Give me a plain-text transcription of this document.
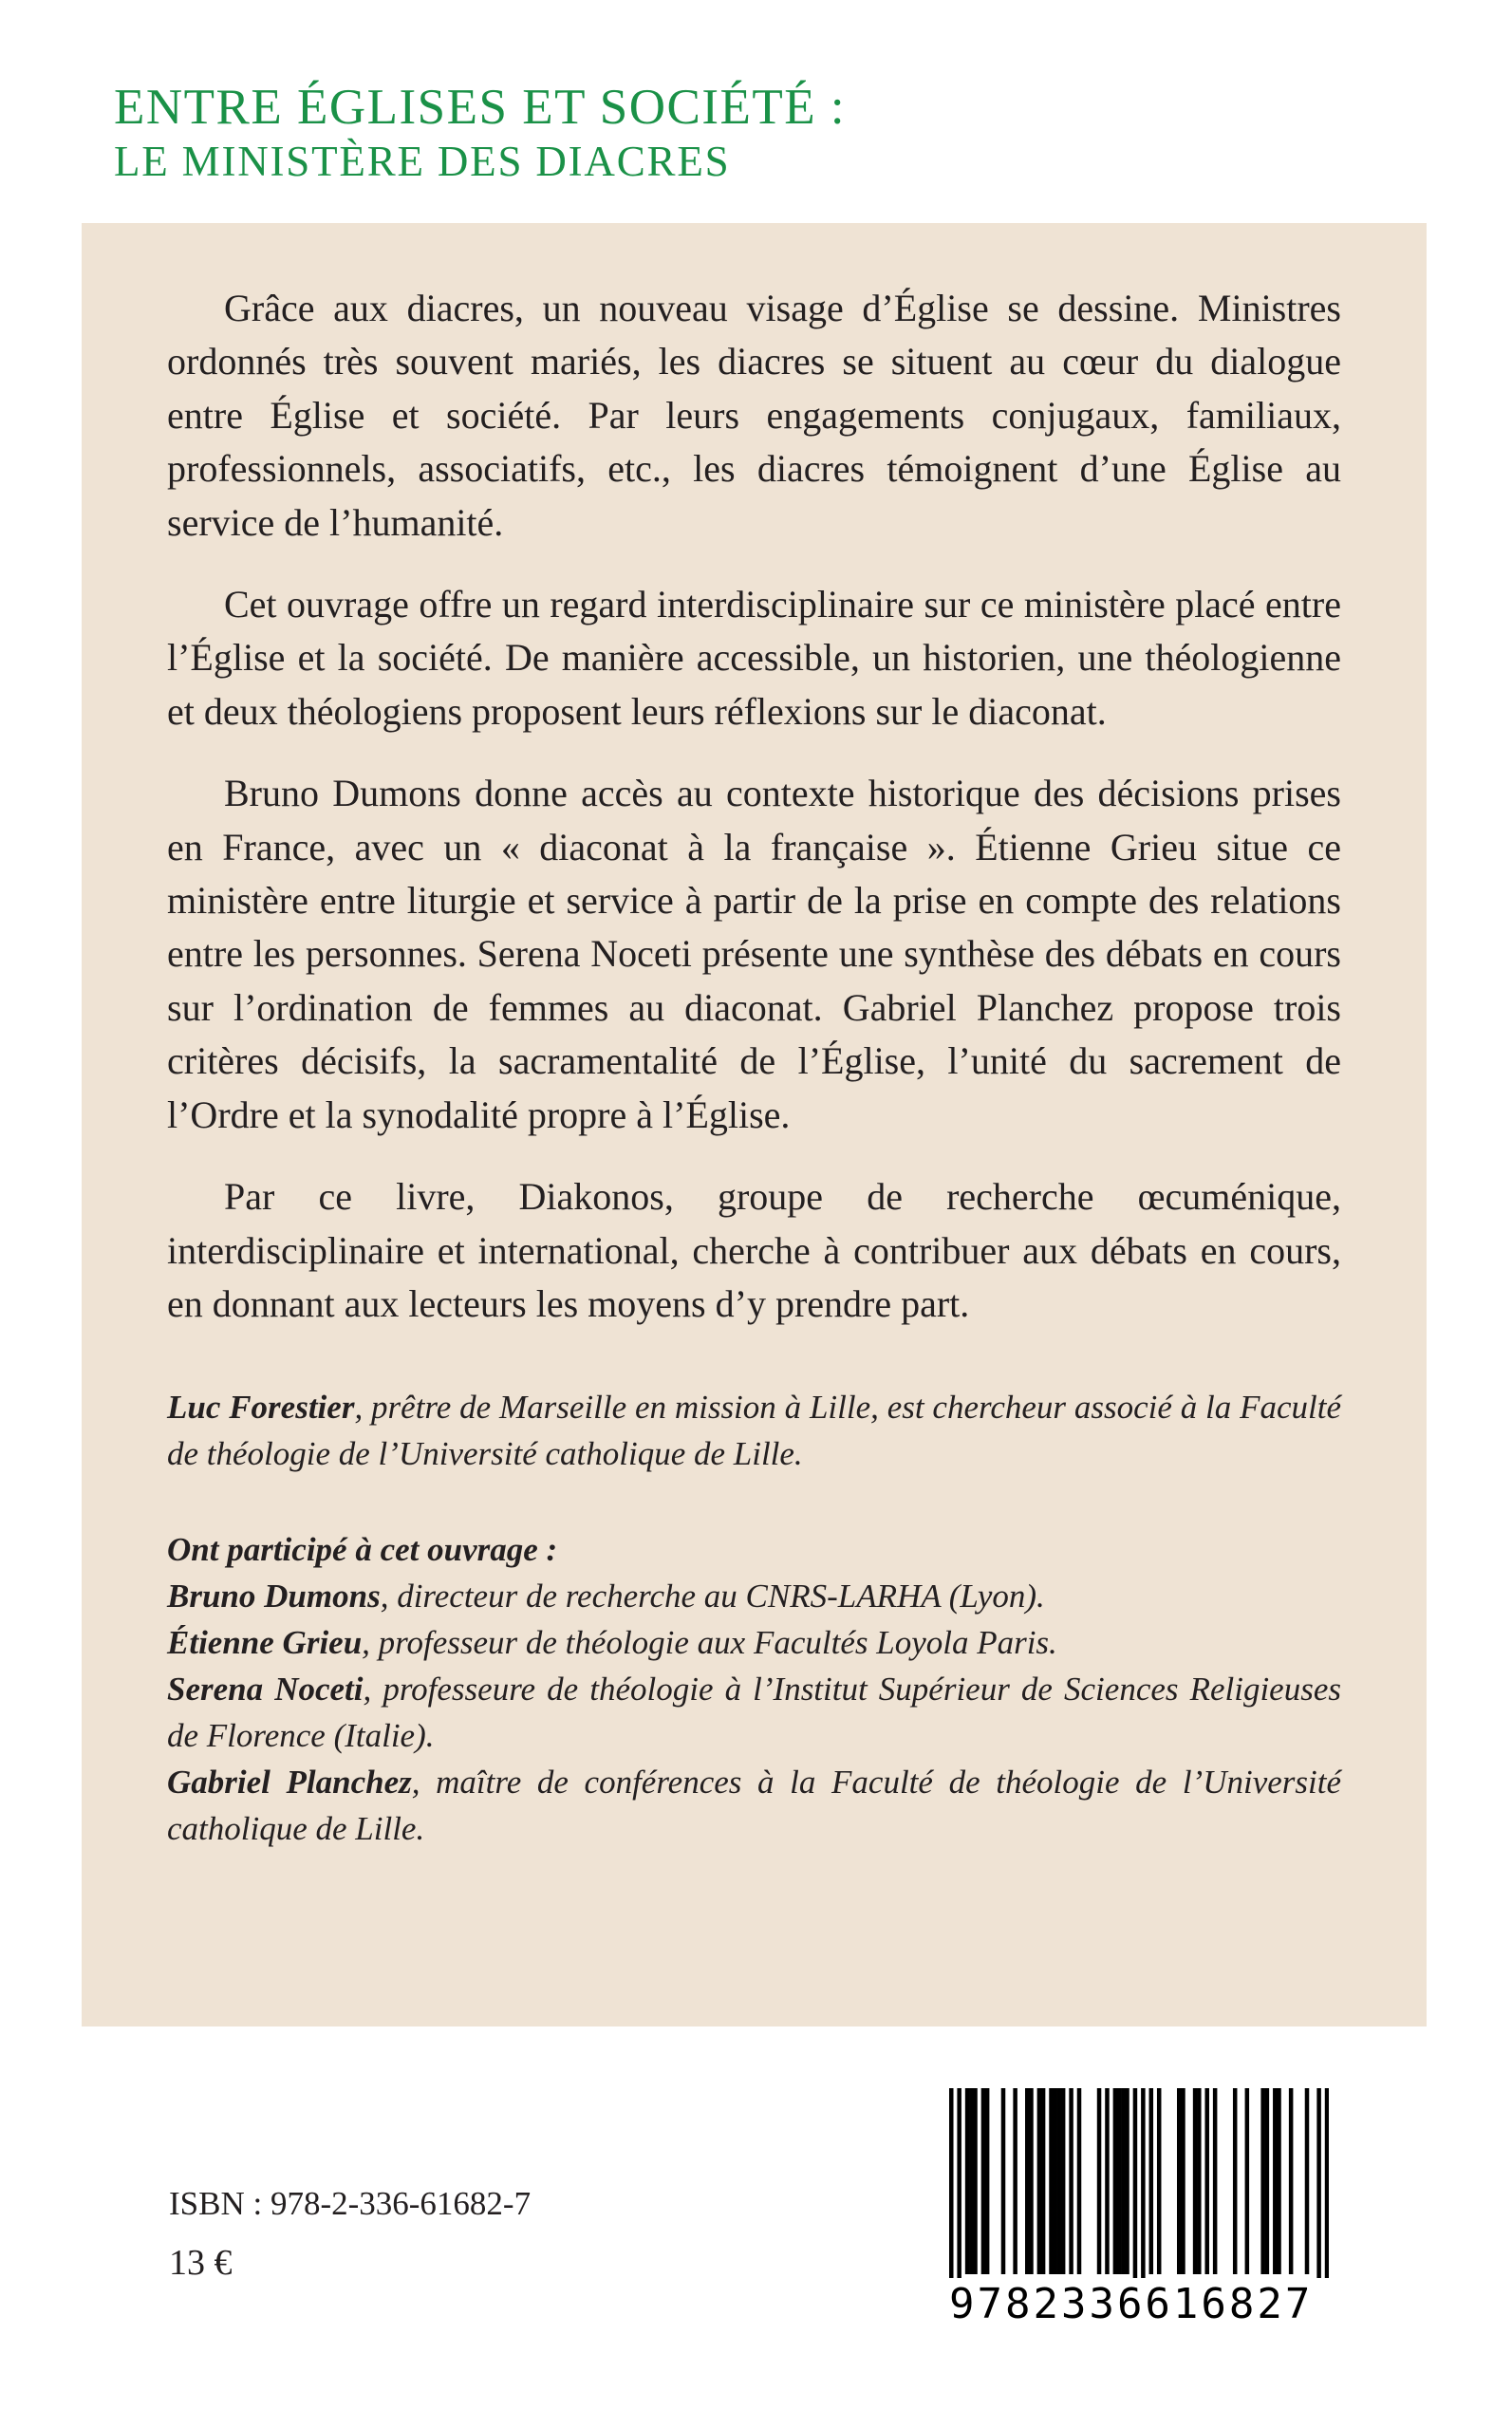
ENTRE ÉGLISES ET SOCIÉTÉ :
LE MINISTÈRE DES DIACRES

Grâce aux diacres, un nouveau visage d’Église se dessine. Ministres ordonnés très souvent mariés, les diacres se situent au cœur du dialogue entre Église et société. Par leurs engagements conjugaux, familiaux, professionnels, associatifs, etc., les diacres témoignent d’une Église au service de l’humanité.

Cet ouvrage offre un regard interdisciplinaire sur ce ministère placé entre l’Église et la société. De manière accessible, un historien, une théologienne et deux théologiens proposent leurs réflexions sur le diaconat.

Bruno Dumons donne accès au contexte historique des décisions prises en France, avec un « diaconat à la française ». Étienne Grieu situe ce ministère entre liturgie et service à partir de la prise en compte des relations entre les personnes. Serena Noceti présente une synthèse des débats en cours sur l’ordination de femmes au diaconat. Gabriel Planchez propose trois critères décisifs, la sacramentalité de l’Église, l’unité du sacrement de l’Ordre et la synodalité propre à l’Église.

Par ce livre, Diakonos, groupe de recherche œcuménique, interdisciplinaire et international, cherche à contribuer aux débats en cours, en donnant aux lecteurs les moyens d’y prendre part.

Luc Forestier, prêtre de Marseille en mission à Lille, est chercheur associé à la Faculté de théologie de l’Université catholique de Lille.

Ont participé à cet ouvrage :

Bruno Dumons, directeur de recherche au CNRS-LARHA (Lyon).

Étienne Grieu, professeur de théologie aux Facultés Loyola Paris.

Serena Noceti, professeure de théologie à l’Institut Supérieur de Sciences Religieuses de Florence (Italie).

Gabriel Planchez, maître de conférences à la Faculté de théologie de l’Université catholique de Lille.

ISBN : 978-2-336-61682-7
13 €
9782336616827
